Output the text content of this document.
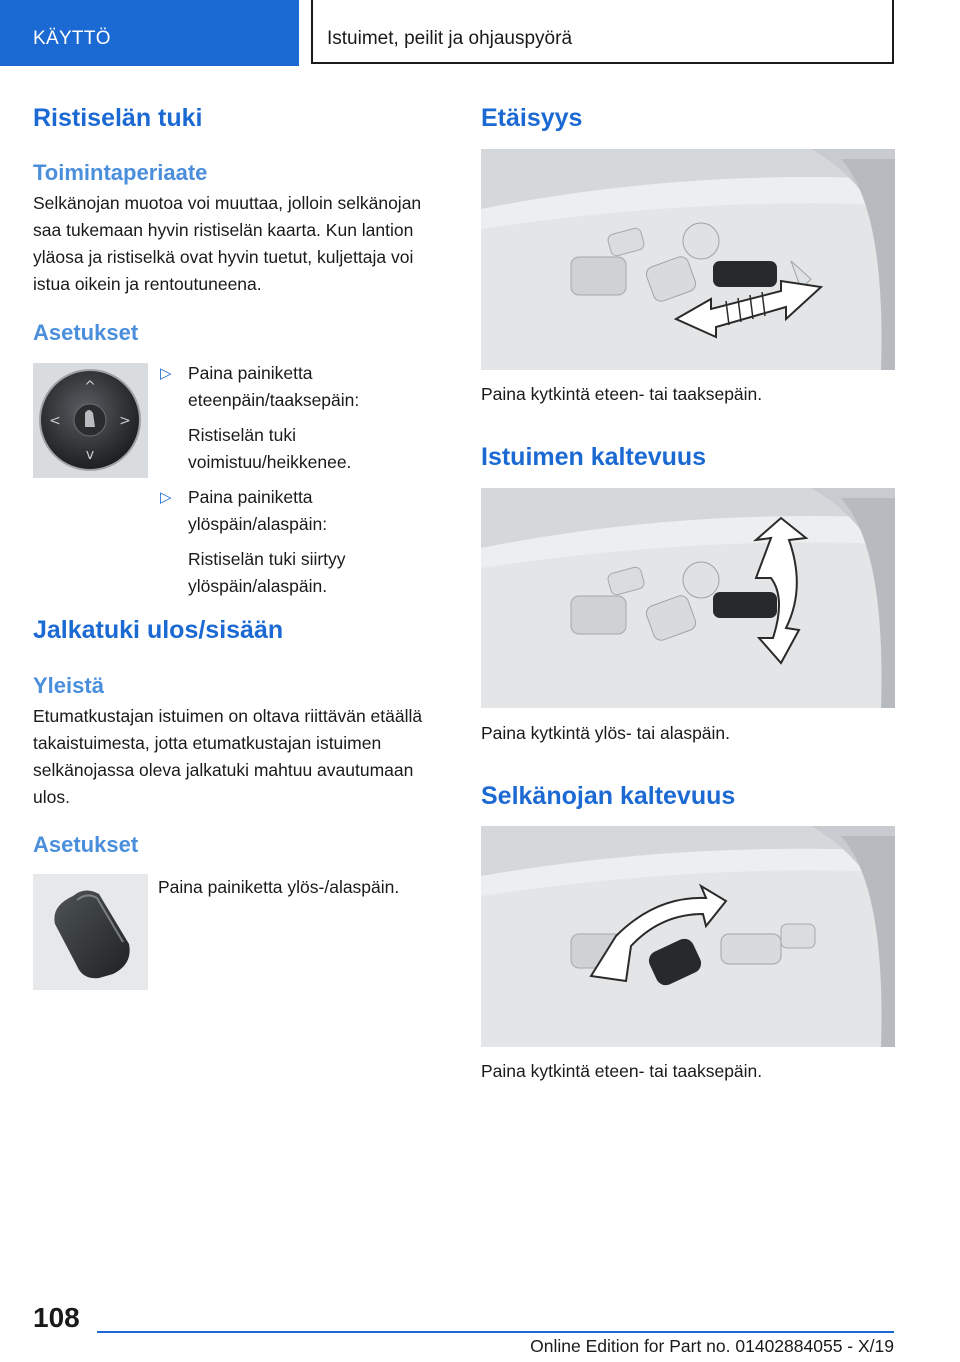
KÄYTTÖ	Istuimet, peilit ja ohjauspyörä
Ristiselän tuki
Toimintaperiaate

Selkänojan muotoa voi muuttaa, jolloin selkänojan saa tukemaan hyvin ristiselän kaarta. Kun lantion yläosa ja ristiselkä ovat hyvin tuetut, kuljettaja voi istua oikein ja rentoutuneena.

Asetukset
^
v
<	>
▷ Paina painiketta eteenpäin/taaksepäin:
Ristiselän tuki voimistuu/heikkenee.
▷ Paina painiketta ylöspäin/alaspäin:
Ristiselän tuki siirtyy ylöspäin/alaspäin.
Jalkatuki ulos/sisään
Yleistä

Etumatkustajan istuimen on oltava riittävän etäällä takaistuimesta, jotta etumatkustajan istuimen selkänojassa oleva jalkatuki mahtuu avautumaan ulos.

Asetukset

Paina painiketta ylös-/alaspäin.

Etäisyys

Paina kytkintä eteen- tai taaksepäin.

Istuimen kaltevuus

Paina kytkintä ylös- tai alaspäin.

Selkänojan kaltevuus

Paina kytkintä eteen- tai taaksepäin.

108
Online Edition for Part no. 01402884055 - X/19
